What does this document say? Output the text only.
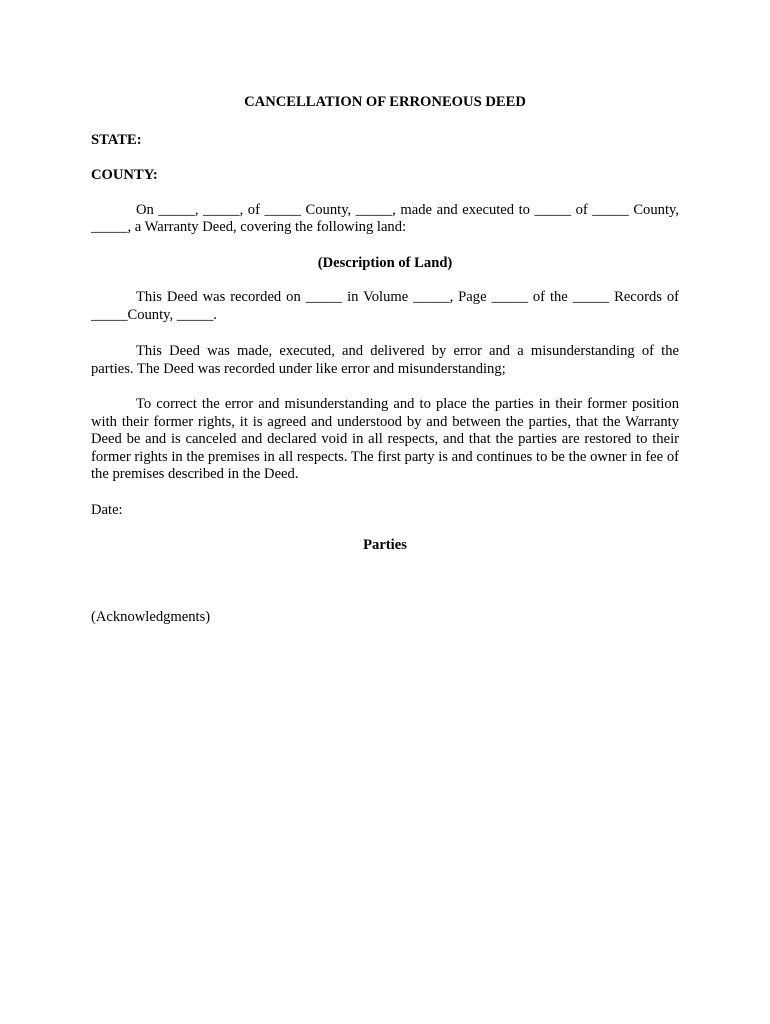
CANCELLATION OF ERRONEOUS DEED

STATE:

COUNTY:

On _____, _____, of _____ County, _____, made and executed to _____ of _____ County, _____, a Warranty Deed, covering the following land:

(Description of Land)

This Deed was recorded on _____ in Volume _____, Page _____ of the _____ Records of _____County, _____.

This Deed was made, executed, and delivered by error and a misunderstanding of the parties. The Deed was recorded under like error and misunderstanding;

To correct the error and misunderstanding and to place the parties in their former position with their former rights, it is agreed and understood by and between the parties, that the Warranty Deed be and is canceled and declared void in all respects, and that the parties are restored to their former rights in the premises in all respects. The first party is and continues to be the owner in fee of the premises described in the Deed.

Date:

Parties

(Acknowledgments)
